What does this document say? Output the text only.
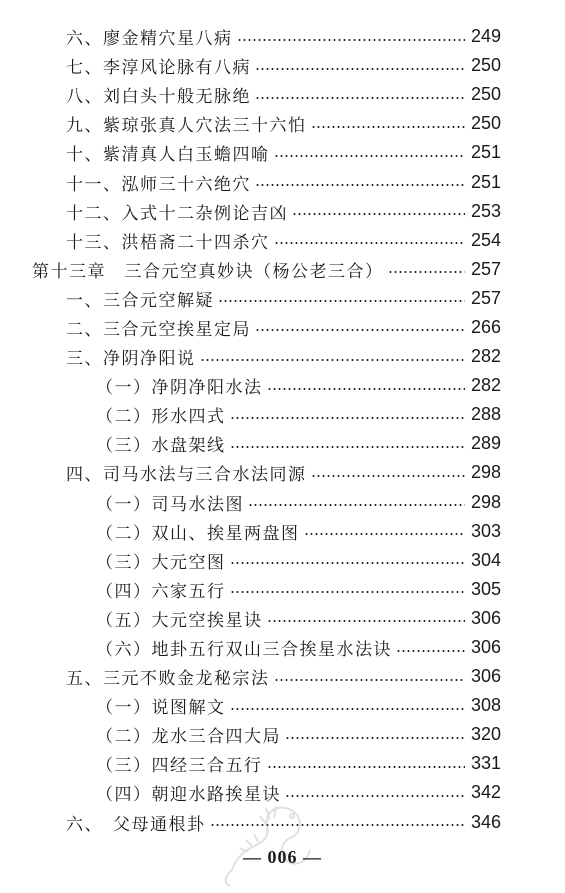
六、廖金精穴星八病	249
七、李淳风论脉有八病	250
八、刘白头十般无脉绝	250
九、紫琼张真人穴法三十六怕	250
十、紫清真人白玉蟾四喻	251
十一、泓师三十六绝穴	251
十二、入式十二杂例论吉凶	253
十三、洪梧斋二十四杀穴	254
第十三章　三合元空真妙诀（杨公老三合）	257
一、三合元空解疑	257
二、三合元空挨星定局	266
三、净阴净阳说	282
（一）净阴净阳水法	282
（二）形水四式	288
（三）水盘架线	289
四、司马水法与三合水法同源	298
（一）司马水法图	298
（二）双山、挨星两盘图	303
（三）大元空图	304
（四）六家五行	305
（五）大元空挨星诀	306
（六）地卦五行双山三合挨星水法诀	306
五、三元不败金龙秘宗法	306
（一）说图解文	308
（二）龙水三合四大局	320
（三）四经三合五行	331
（四）朝迎水路挨星诀	342
六、　父母通根卦	346
— 006 —
